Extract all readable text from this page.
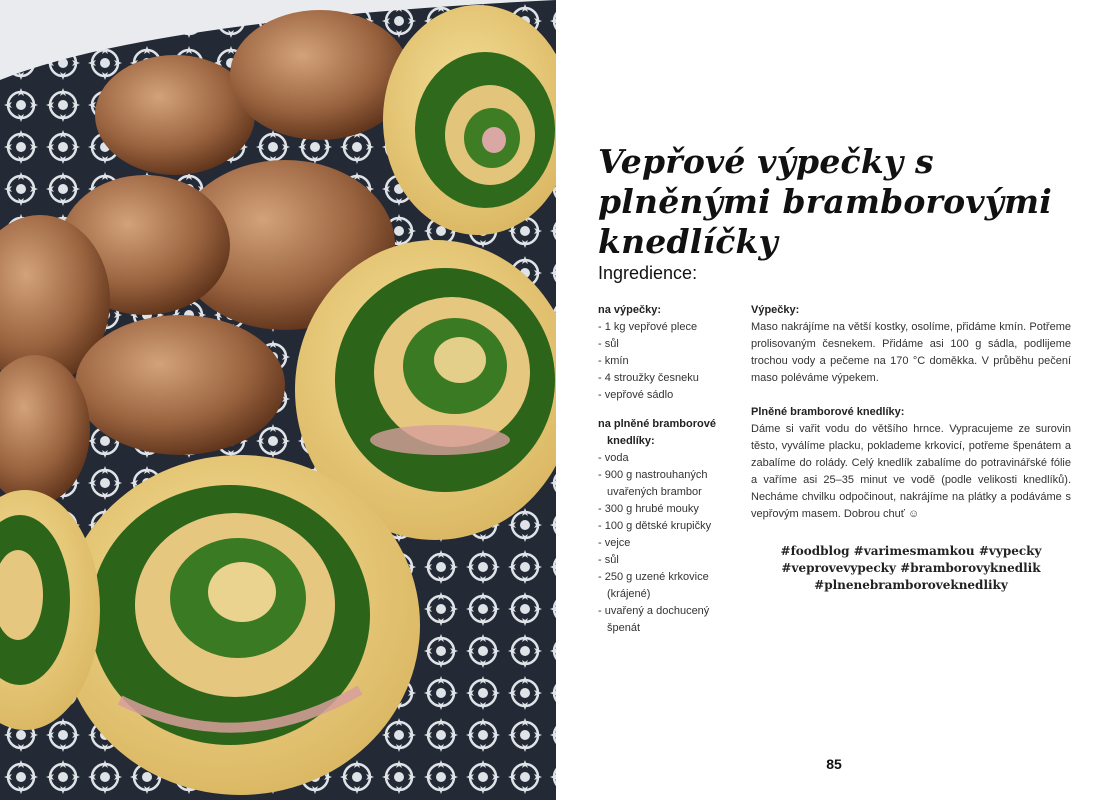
Vepřové výpečky s plněnými bramborovými knedlíčky
Ingredience:
na výpečky:
- 1 kg vepřové plece
- sůl
- kmín
- 4 stroužky česneku
- vepřové sádlo
na plněné bramborové knedlíky:
- voda
- 900 g nastrouhaných uvařených brambor
- 300 g hrubé mouky
- 100 g dětské krupičky
- vejce
- sůl
- 250 g uzené krkovice (krájené)
- uvařený a dochucený špenát
Výpečky:

Maso nakrájíme na větší kostky, osolíme, přidáme kmín. Potřeme prolisovaným česnekem. Přidáme asi 100 g sádla, podlijeme trochou vody a pečeme na 170 °C doměkka. V průběhu pečení maso poléváme výpekem.

Plněné bramborové knedlíky:

Dáme si vařit vodu do většího hrnce. Vypracujeme ze surovin těsto, vyválíme placku, poklademe krkovicí, potřeme špenátem a zabalíme do rolády. Celý knedlík zabalíme do potravinářské fólie a vaříme asi 25–35 minut ve vodě (podle velikosti knedlíků). Necháme chvilku odpočinout, nakrájíme na plátky a podáváme s vepřovým masem. Dobrou chuť ☺

#foodblog #varimesmamkou #vypecky
#veprovevypecky #bramborovyknedlik
#plnenebramboroveknedliky
85
